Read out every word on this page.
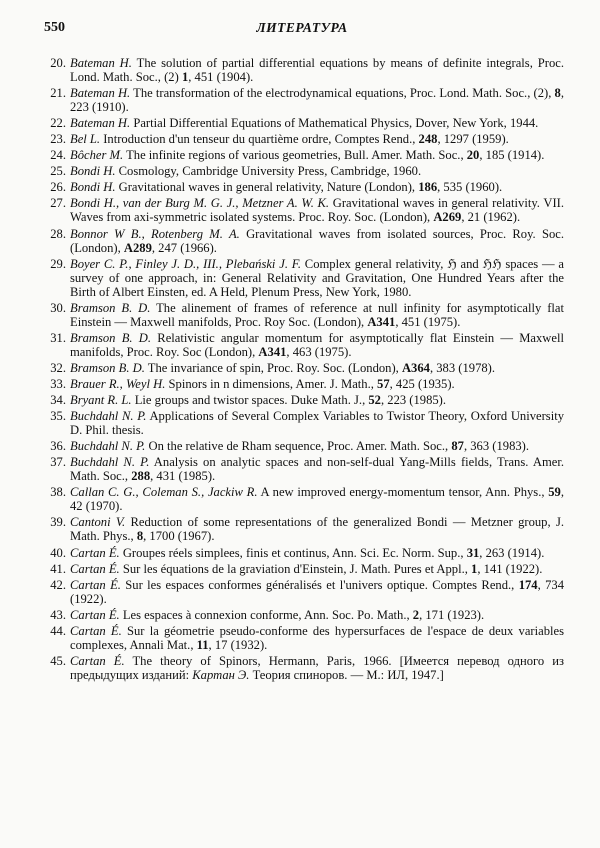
550	ЛИТЕРАТУРА
20. Bateman H. The solution of partial differential equations by means of definite integrals, Proc. Lond. Math. Soc., (2) 1, 451 (1904).
21. Bateman H. The transformation of the electrodynamical equations, Proc. Lond. Math. Soc., (2), 8, 223 (1910).
22. Bateman H. Partial Differential Equations of Mathematical Physics, Dover, New York, 1944.
23. Bel L. Introduction d'un tenseur du quartième ordre, Comptes Rend., 248, 1297 (1959).
24. Bôcher M. The infinite regions of various geometries, Bull. Amer. Math. Soc., 20, 185 (1914).
25. Bondi H. Cosmology, Cambridge University Press, Cambridge, 1960.
26. Bondi H. Gravitational waves in general relativity, Nature (London), 186, 535 (1960).
27. Bondi H., van der Burg M. G. J., Metzner A. W. K. Gravitational waves in general relativity. VII. Waves from axi-symmetric isolated systems. Proc. Roy. Soc. (London), A269, 21 (1962).
28. Bonnor W B., Rotenberg M. A. Gravitational waves from isolated sources, Proc. Roy. Soc. (London), A289, 247 (1966).
29. Boyer C. P., Finley J. D., III., Plebański J. F. Complex general relativity, ℌ and ℌℌ spaces — a survey of one approach, in: General Relativity and Gravitation, One Hundred Years after the Birth of Albert Einsten, ed. A Held, Plenum Press, New York, 1980.
30. Bramson B. D. The alinement of frames of reference at null infinity for asymptotically flat Einstein — Maxwell manifolds, Proc. Roy Soc. (London), A341, 451 (1975).
31. Bramson B. D. Relativistic angular momentum for asymptotically flat Einstein — Maxwell manifolds, Proc. Roy. Soc (London), A341, 463 (1975).
32. Bramson B. D. The invariance of spin, Proc. Roy. Soc. (London), A364, 383 (1978).
33. Brauer R., Weyl H. Spinors in n dimensions, Amer. J. Math., 57, 425 (1935).
34. Bryant R. L. Lie groups and twistor spaces. Duke Math. J., 52, 223 (1985).
35. Buchdahl N. P. Applications of Several Complex Variables to Twistor Theory, Oxford University D. Phil. thesis.
36. Buchdahl N. P. On the relative de Rham sequence, Proc. Amer. Math. Soc., 87, 363 (1983).
37. Buchdahl N. P. Analysis on analytic spaces and non-self-dual Yang-Mills fields, Trans. Amer. Math. Soc., 288, 431 (1985).
38. Callan C. G., Coleman S., Jackiw R. A new improved energy-momentum tensor, Ann. Phys., 59, 42 (1970).
39. Cantoni V. Reduction of some representations of the generalized Bondi — Metzner group, J. Math. Phys., 8, 1700 (1967).
40. Cartan É. Groupes réels simplees, finis et continus, Ann. Sci. Ec. Norm. Sup., 31, 263 (1914).
41. Cartan É. Sur les équations de la graviation d'Einstein, J. Math. Pures et Appl., 1, 141 (1922).
42. Cartan É. Sur les espaces conformes généralisés et l'univers optique. Comptes Rend., 174, 734 (1922).
43. Cartan É. Les espaces à connexion conforme, Ann. Soc. Po. Math., 2, 171 (1923).
44. Cartan É. Sur la géometrie pseudo-conforme des hypersurfaces de l'espace de deux variables complexes, Annali Mat., 11, 17 (1932).
45. Cartan É. The theory of Spinors, Hermann, Paris, 1966. [Имеется перевод одного из предыдущих изданий: Картан Э. Теория спиноров. — М.: ИЛ, 1947.]
